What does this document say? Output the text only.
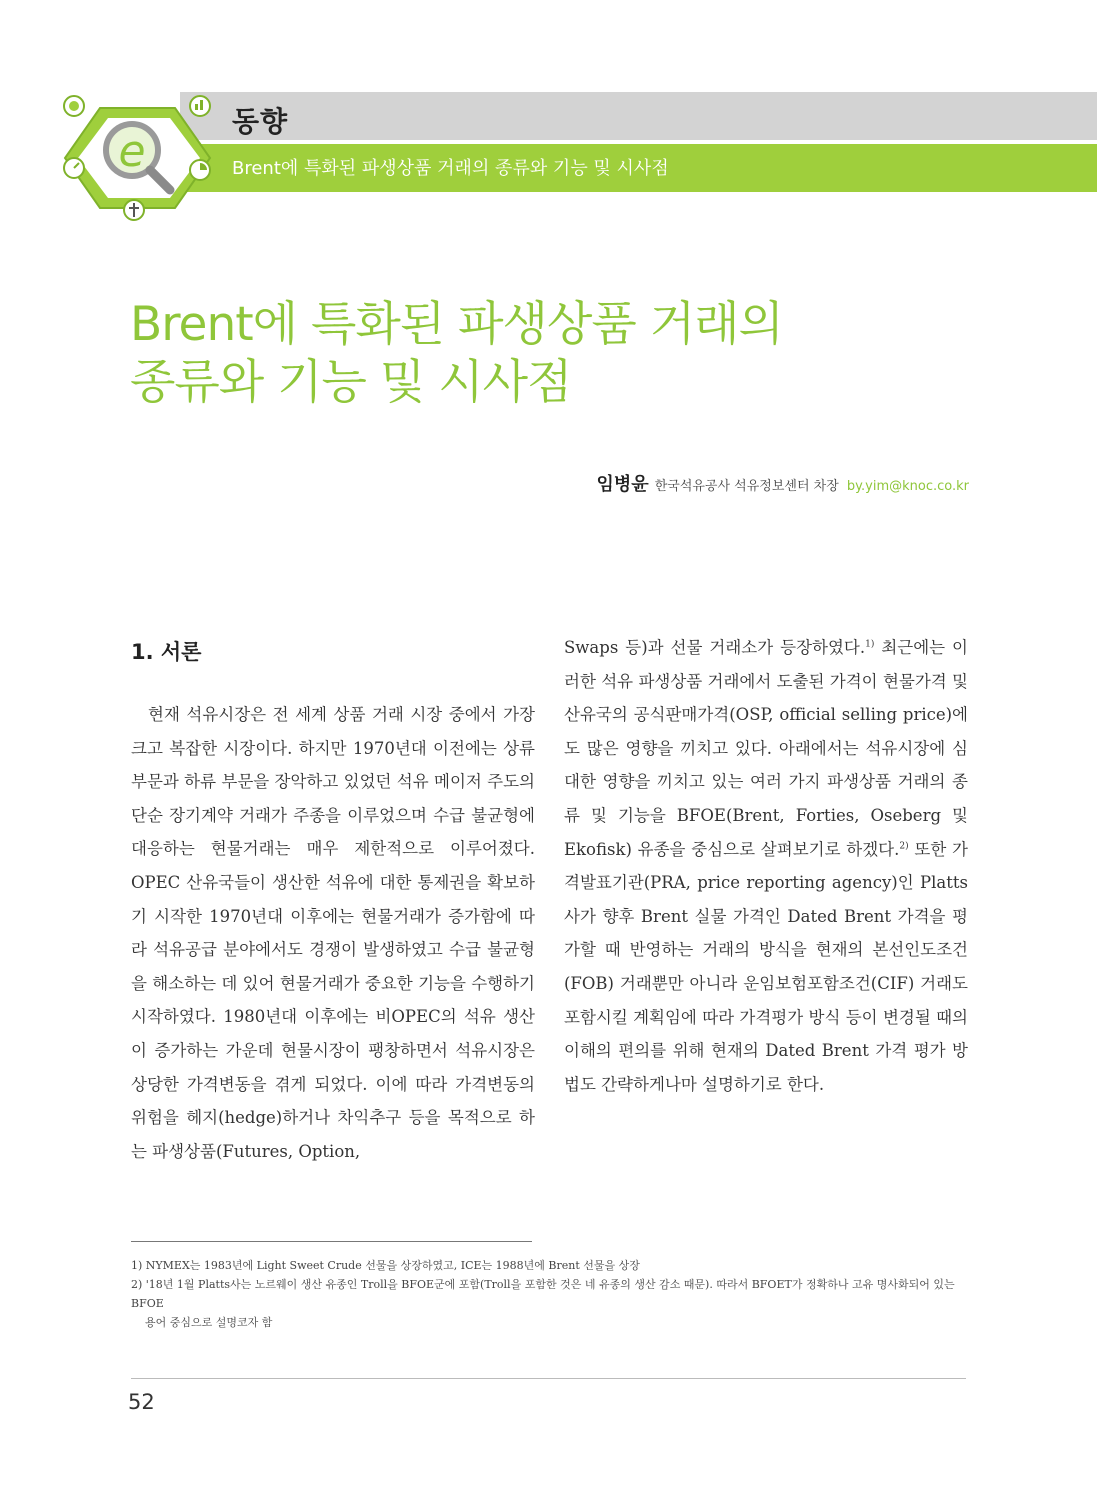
동향
Brent에 특화된 파생상품 거래의 종류와 기능 및 시사점
e
Brent에 특화된 파생상품 거래의
종류와 기능 및 시사점
임병윤 한국석유공사 석유정보센터 차장 by.yim@knoc.co.kr
1. 서론

현재 석유시장은 전 세계 상품 거래 시장 중에서 가장 크고 복잡한 시장이다. 하지만 1970년대 이전에는 상류 부문과 하류 부문을 장악하고 있었던 석유 메이저 주도의 단순 장기계약 거래가 주종을 이루었으며 수급 불균형에 대응하는 현물거래는 매우 제한적으로 이루어졌다. OPEC 산유국들이 생산한 석유에 대한 통제권을 확보하기 시작한 1970년대 이후에는 현물거래가 증가함에 따라 석유공급 분야에서도 경쟁이 발생하였고 수급 불균형을 해소하는 데 있어 현물거래가 중요한 기능을 수행하기 시작하였다. 1980년대 이후에는 비OPEC의 석유 생산이 증가하는 가운데 현물시장이 팽창하면서 석유시장은 상당한 가격변동을 겪게 되었다. 이에 따라 가격변동의 위험을 헤지(hedge)하거나 차익추구 등을 목적으로 하는 파생상품(Futures, Option,

Swaps 등)과 선물 거래소가 등장하였다.$^{1)}$ 최근에는 이러한 석유 파생상품 거래에서 도출된 가격이 현물가격 및 산유국의 공식판매가격(OSP, official selling price)에도 많은 영향을 끼치고 있다. 아래에서는 석유시장에 심대한 영향을 끼치고 있는 여러 가지 파생상품 거래의 종류 및 기능을 BFOE(Brent, Forties, Oseberg 및 Ekofisk) 유종을 중심으로 살펴보기로 하겠다.$^{2)}$ 또한 가격발표기관(PRA, price reporting agency)인 Platts사가 향후 Brent 실물 가격인 Dated Brent 가격을 평가할 때 반영하는 거래의 방식을 현재의 본선인도조건(FOB) 거래뿐만 아니라 운임보험포함조건(CIF) 거래도 포함시킬 계획임에 따라 가격평가 방식 등이 변경될 때의 이해의 편의를 위해 현재의 Dated Brent 가격 평가 방법도 간략하게나마 설명하기로 한다.

1) NYMEX는 1983년에 Light Sweet Crude 선물을 상장하였고, ICE는 1988년에 Brent 선물을 상장
2) '18년 1월 Platts사는 노르웨이 생산 유종인 Troll을 BFOE군에 포함(Troll을 포함한 것은 네 유종의 생산 감소 때문). 따라서 BFOET가 정확하나 고유 명사화되어 있는 BFOE
용어 중심으로 설명코자 함
52
